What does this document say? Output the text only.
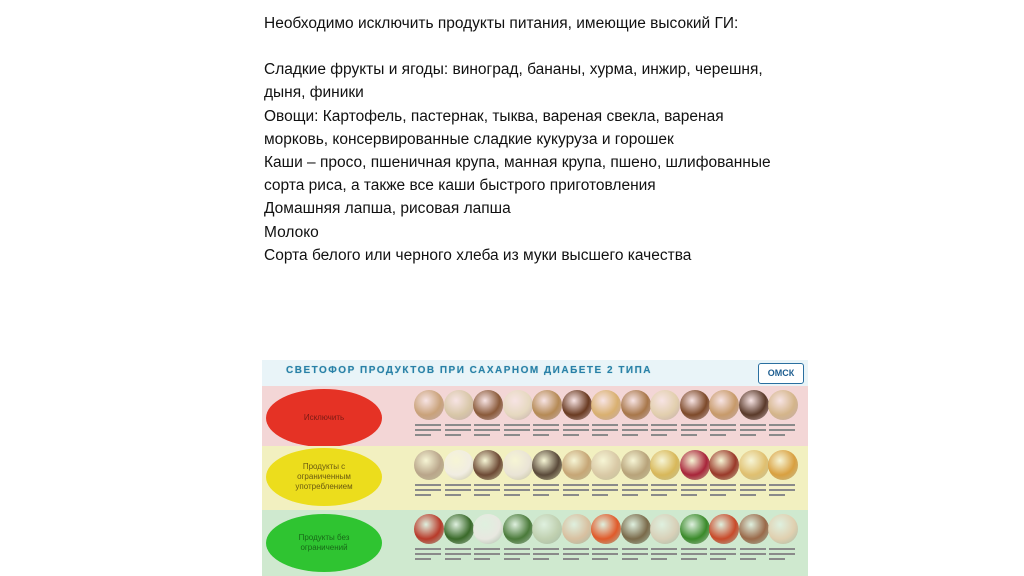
Необходимо исключить продукты питания, имеющие высокий ГИ:

Сладкие фрукты и ягоды: виноград, бананы, хурма, инжир, черешня, дыня, финики

Овощи: Картофель, пастернак, тыква, вареная свекла, вареная морковь, консервированные сладкие кукуруза и горошек

Каши – просо, пшеничная крупа, манная крупа, пшено, шлифованные сорта риса, а также все каши быстрого приготовления

Домашняя лапша, рисовая лапша

Молоко

Сорта белого или черного хлеба из муки высшего качества

СВЕТОФОР ПРОДУКТОВ ПРИ САХАРНОМ ДИАБЕТЕ 2 ТИПА	ОМСК
Исключить
Продукты с ограниченным употреблением
Продукты без ограничений
